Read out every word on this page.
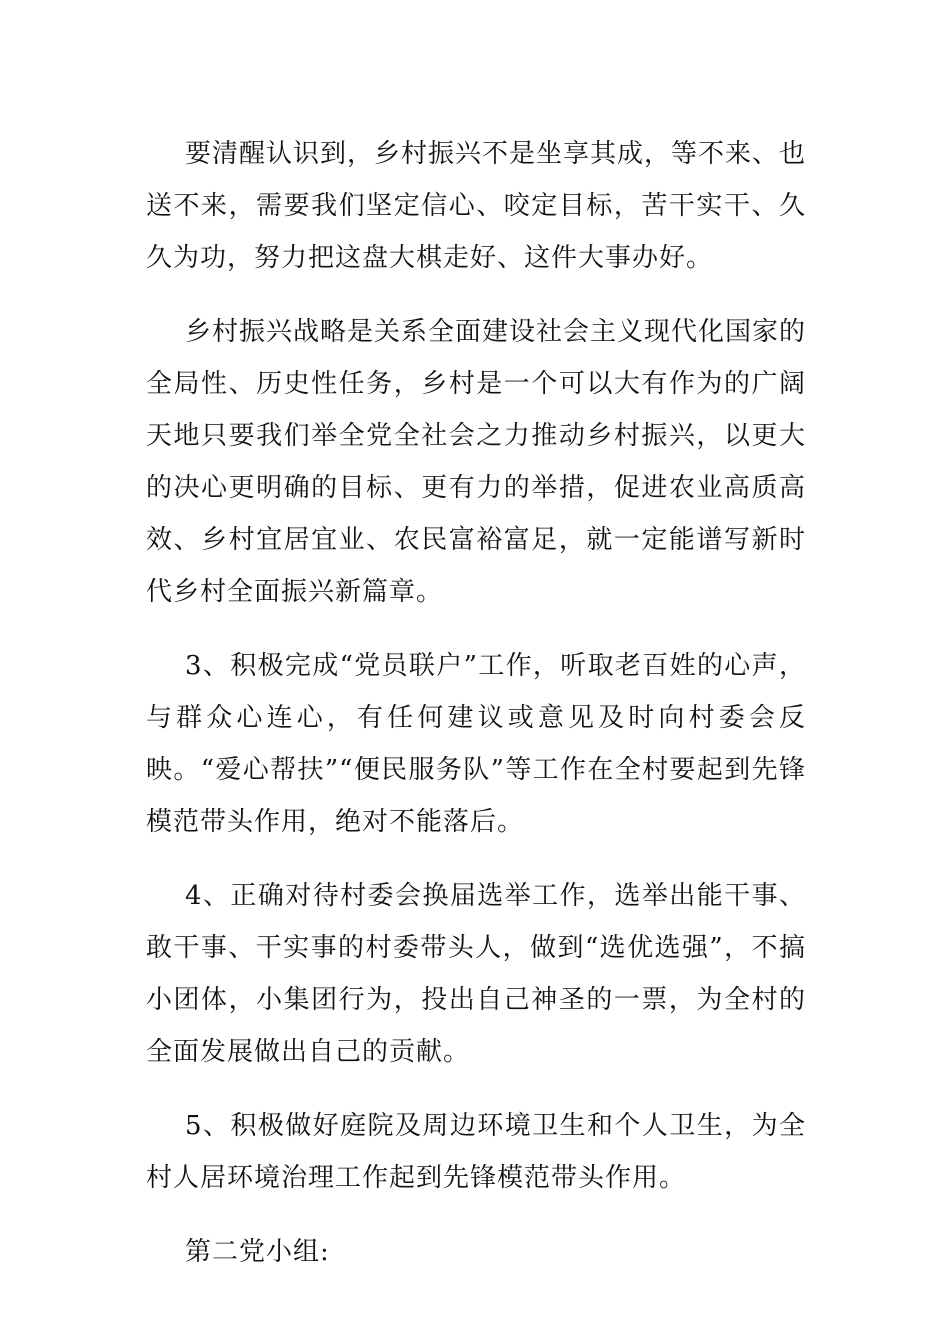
要清醒认识到，乡村振兴不是坐享其成，等不来、也送不来，需要我们坚定信心、咬定目标，苦干实干、久久为功，努力把这盘大棋走好、这件大事办好。

乡村振兴战略是关系全面建设社会主义现代化国家的全局性、历史性任务，乡村是一个可以大有作为的广阔天地只要我们举全党全社会之力推动乡村振兴，以更大的决心更明确的目标、更有力的举措，促进农业高质高效、乡村宜居宜业、农民富裕富足，就一定能谱写新时代乡村全面振兴新篇章。

3、积极完成“党员联户”工作，听取老百姓的心声，与群众心连心，有任何建议或意见及时向村委会反映。“爱心帮扶”“便民服务队”等工作在全村要起到先锋模范带头作用，绝对不能落后。

4、正确对待村委会换届选举工作，选举出能干事、敢干事、干实事的村委带头人，做到“选优选强”，不搞小团体，小集团行为，投出自己神圣的一票，为全村的全面发展做出自己的贡献。

5、积极做好庭院及周边环境卫生和个人卫生，为全村人居环境治理工作起到先锋模范带头作用。

第二党小组:
